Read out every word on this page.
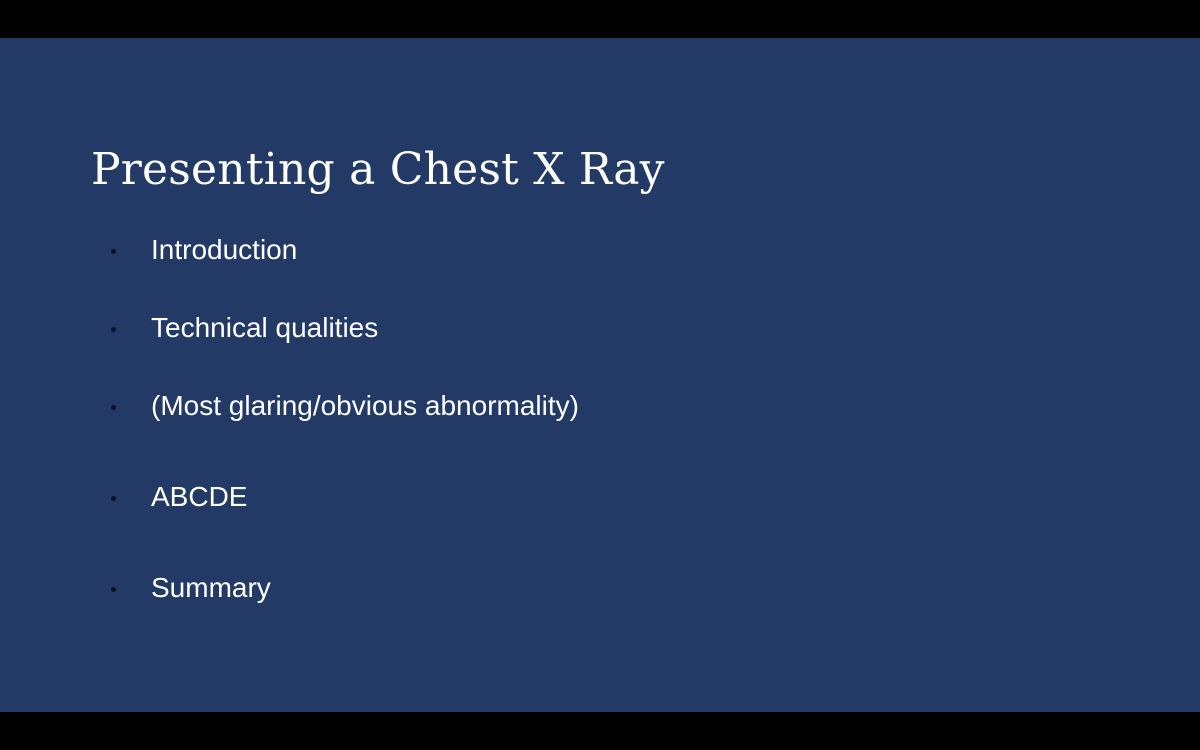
Presenting a Chest X Ray
Introduction
Technical qualities
(Most glaring/obvious abnormality)
ABCDE
Summary
